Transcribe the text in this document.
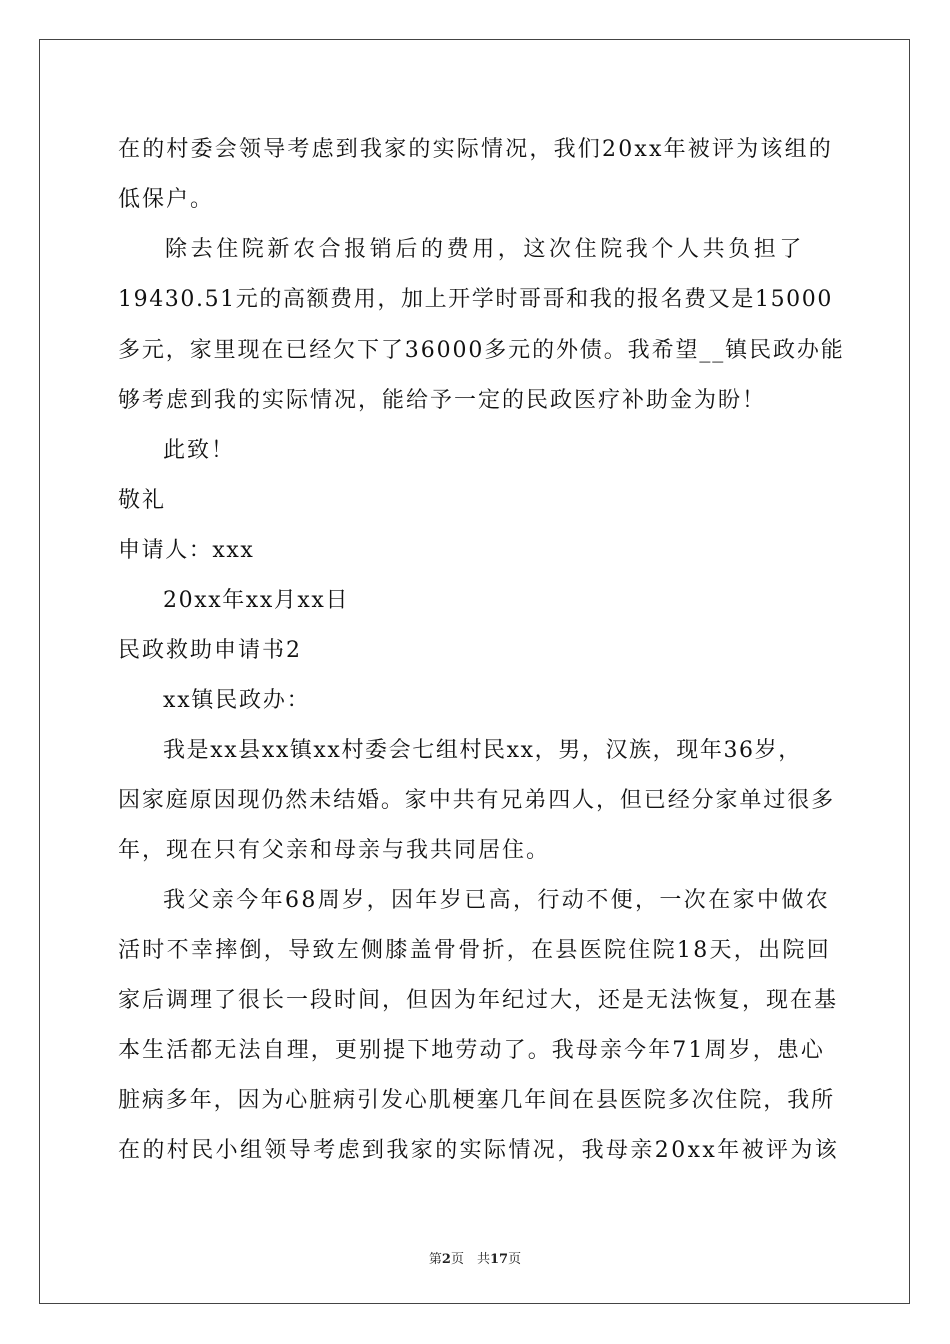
在的村委会领导考虑到我家的实际情况，我们20xx年被评为该组的
低保户。
除去住院新农合报销后的费用，这次住院我个人共负担了
19430.51元的高额费用，加上开学时哥哥和我的报名费又是15000
多元，家里现在已经欠下了36000多元的外债。我希望__镇民政办能
够考虑到我的实际情况，能给予一定的民政医疗补助金为盼！
此致！
敬礼
申请人：xxx
20xx年xx月xx日
民政救助申请书2
xx镇民政办：
我是xx县xx镇xx村委会七组村民xx，男，汉族，现年36岁，
因家庭原因现仍然未结婚。家中共有兄弟四人，但已经分家单过很多
年，现在只有父亲和母亲与我共同居住。
我父亲今年68周岁，因年岁已高，行动不便，一次在家中做农
活时不幸摔倒，导致左侧膝盖骨骨折，在县医院住院18天，出院回
家后调理了很长一段时间，但因为年纪过大，还是无法恢复，现在基
本生活都无法自理，更别提下地劳动了。我母亲今年71周岁，患心
脏病多年，因为心脏病引发心肌梗塞几年间在县医院多次住院，我所
在的村民小组领导考虑到我家的实际情况，我母亲20xx年被评为该
第2页　共17页
